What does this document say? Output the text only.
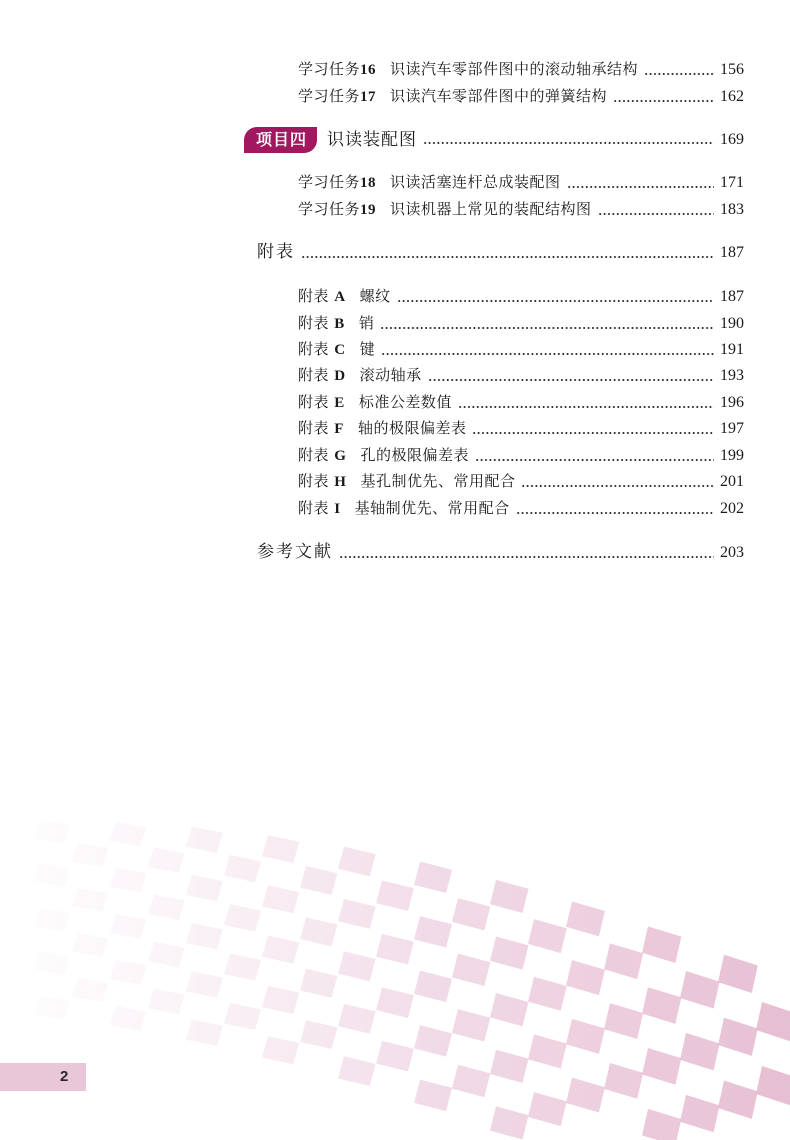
学习任务16 识读汽车零部件图中的滚动轴承结构	156
学习任务17 识读汽车零部件图中的弹簧结构	162
项目四	识读装配图	169
学习任务18 识读活塞连杆总成装配图	171
学习任务19 识读机器上常见的装配结构图	183
附表	187
附表 A 螺纹	187
附表 B 销	190
附表 C 键	191
附表 D 滚动轴承	193
附表 E 标准公差数值	196
附表 F 轴的极限偏差表	197
附表 G 孔的极限偏差表	199
附表 H 基孔制优先、常用配合	201
附表 I 基轴制优先、常用配合	202
参考文献	203
2
